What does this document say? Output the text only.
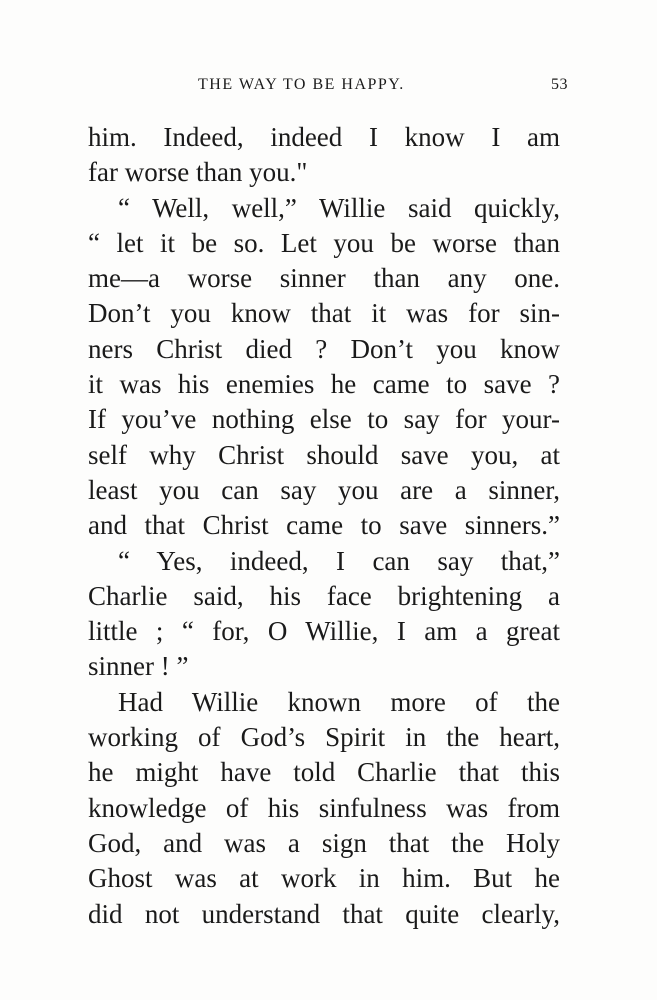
THE WAY TO BE HAPPY.	53
him. Indeed, indeed I know I am
far worse than you."
“ Well, well,” Willie said quickly,
“ let it be so. Let you be worse than
me—a worse sinner than any one.
Don’t you know that it was for sin-
ners Christ died ? Don’t you know
it was his enemies he came to save ?
If you’ve nothing else to say for your-
self why Christ should save you, at
least you can say you are a sinner,
and that Christ came to save sinners.”
“ Yes, indeed, I can say that,”
Charlie said, his face brightening a
little ; “ for, O Willie, I am a great
sinner ! ”
Had Willie known more of the
working of God’s Spirit in the heart,
he might have told Charlie that this
knowledge of his sinfulness was from
God, and was a sign that the Holy
Ghost was at work in him. But he
did not understand that quite clearly,
